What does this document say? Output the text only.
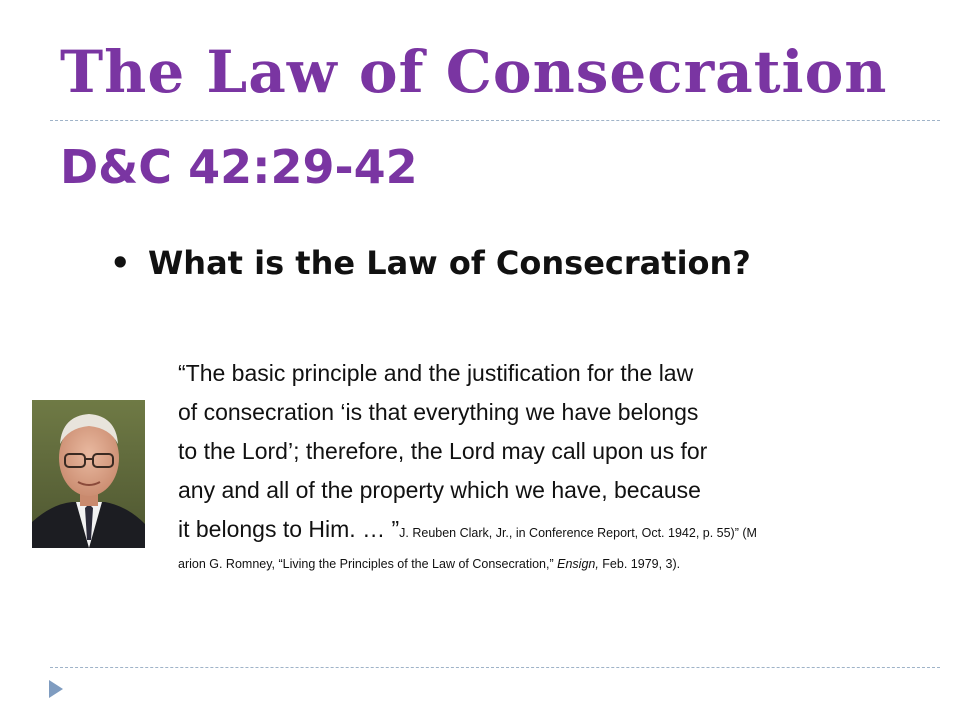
The Law of Consecration
D&C 42:29-42
• What is the Law of Consecration?
“The basic principle and the justification for the law
of consecration ‘is that everything we have belongs
to the Lord’; therefore, the Lord may call upon us for
any and all of the property which we have, because
it belongs to Him. … ”J. Reuben Clark, Jr., in Conference Report, Oct. 1942, p. 55)” (M
arion G. Romney, “Living the Principles of the Law of Consecration,” Ensign, Feb. 1979, 3).
